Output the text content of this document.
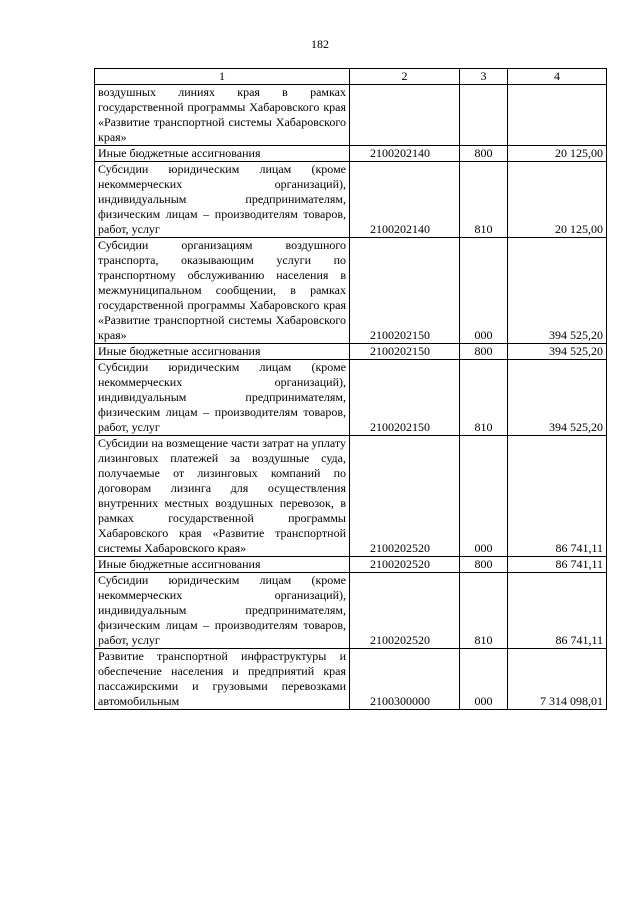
182
1	2	3	4

воздушных линиях края в рамках государственной программы Хабаровского края «Развитие транспортной системы Хабаровского края»			

Иные бюджетные ассигнования	2100202140	800	20 125,00

Субсидии юридическим лицам (кроме некоммерческих организаций), индивидуальным предпринимателям, физическим лицам – производителям товаров, работ, услуг	2100202140	810	20 125,00

Субсидии организациям воздушного транспорта, оказывающим услуги по транспортному обслуживанию населения в межмуниципальном сообщении, в рамках государственной программы Хабаровского края «Развитие транспортной системы Хабаровского края»	2100202150	000	394 525,20

Иные бюджетные ассигнования	2100202150	800	394 525,20

Субсидии юридическим лицам (кроме некоммерческих организаций), индивидуальным предпринимателям, физическим лицам – производителям товаров, работ, услуг	2100202150	810	394 525,20

Субсидии на возмещение части затрат на уплату лизинговых платежей за воздушные суда, получаемые от лизинговых компаний по договорам лизинга для осуществления внутренних местных воздушных перевозок, в рамках государственной программы Хабаровского края «Развитие транспортной системы Хабаровского края»	2100202520	000	86 741,11

Иные бюджетные ассигнования	2100202520	800	86 741,11

Субсидии юридическим лицам (кроме некоммерческих организаций), индивидуальным предпринимателям, физическим лицам – производителям товаров, работ, услуг	2100202520	810	86 741,11

Развитие транспортной инфраструктуры и обеспечение населения и предприятий края пассажирскими и грузовыми перевозками автомобильным	2100300000	000	7 314 098,01
